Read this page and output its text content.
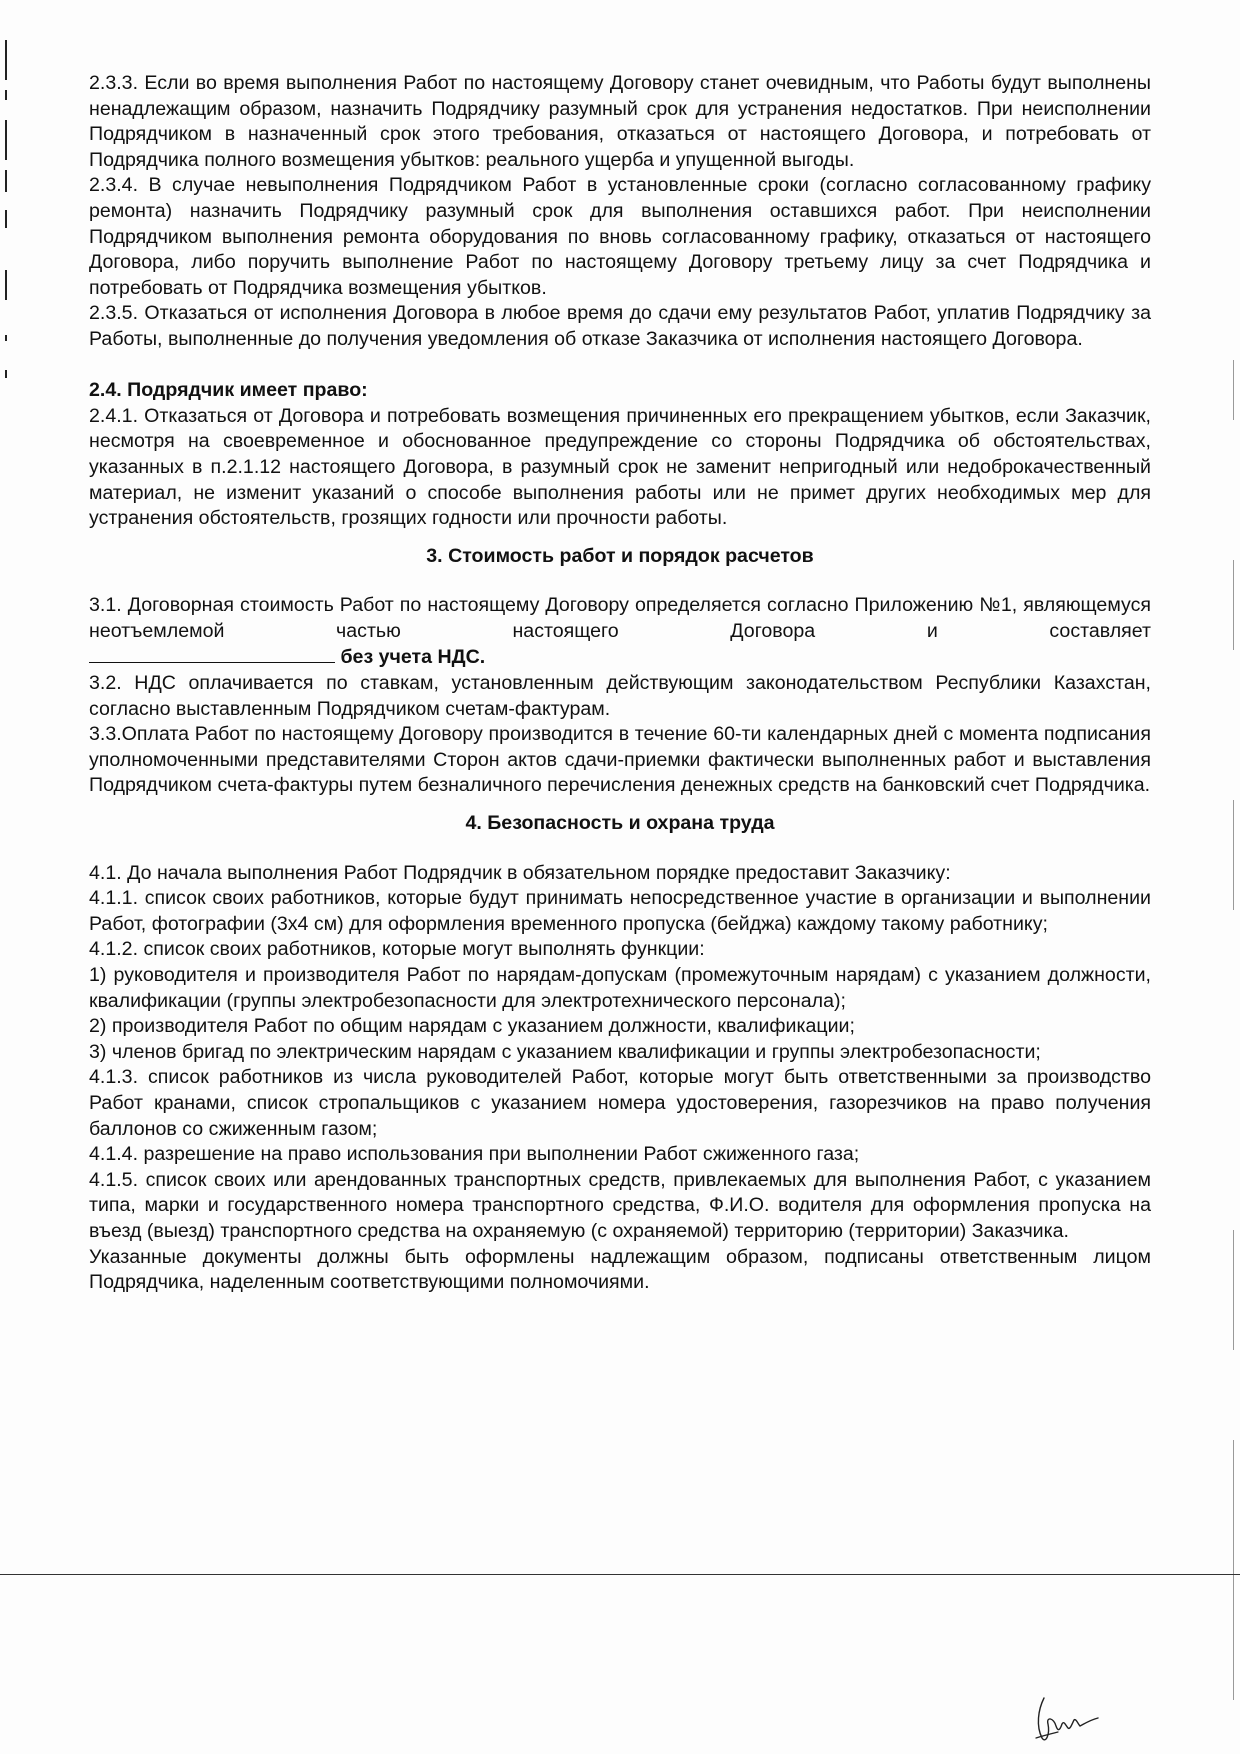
2.3.3. Если во время выполнения Работ по настоящему Договору станет очевидным, что Работы будут выполнены ненадлежащим образом, назначить Подрядчику разумный срок для устранения недостатков. При неисполнении Подрядчиком в назначенный срок этого требования, отказаться от настоящего Договора, и потребовать от Подрядчика полного возмещения убытков: реального ущерба и упущенной выгоды.

2.3.4. В случае невыполнения Подрядчиком Работ в установленные сроки (согласно согласованному графику ремонта) назначить Подрядчику разумный срок для выполнения оставшихся работ. При неисполнении Подрядчиком выполнения ремонта оборудования по вновь согласованному графику, отказаться от настоящего Договора, либо поручить выполнение Работ по настоящему Договору третьему лицу за счет Подрядчика и потребовать от Подрядчика возмещения убытков.

2.3.5. Отказаться от исполнения Договора в любое время до сдачи ему результатов Работ, уплатив Подрядчику за Работы, выполненные до получения уведомления об отказе Заказчика от исполнения настоящего Договора.

2.4. Подрядчик имеет право:

2.4.1. Отказаться от Договора и потребовать возмещения причиненных его прекращением убытков, если Заказчик, несмотря на своевременное и обоснованное предупреждение со стороны Подрядчика об обстоятельствах, указанных в п.2.1.12 настоящего Договора, в разумный срок не заменит непригодный или недоброкачественный материал, не изменит указаний о способе выполнения работы или не примет других необходимых мер для устранения обстоятельств, грозящих годности или прочности работы.

3. Стоимость работ и порядок расчетов

3.1. Договорная стоимость Работ по настоящему Договору определяется согласно Приложению №1, являющемуся неотъемлемой частью настоящего Договора и составляет

без учета НДС.

3.2. НДС оплачивается по ставкам, установленным действующим законодательством Республики Казахстан, согласно выставленным Подрядчиком счетам-фактурам.

3.3.Оплата Работ по настоящему Договору производится в течение 60-ти календарных дней с момента подписания уполномоченными представителями Сторон актов сдачи-приемки фактически выполненных работ и выставления Подрядчиком счета-фактуры путем безналичного перечисления денежных средств на банковский счет Подрядчика.

4. Безопасность и охрана труда

4.1. До начала выполнения Работ Подрядчик в обязательном порядке предоставит Заказчику:

4.1.1. список своих работников, которые будут принимать непосредственное участие в организации и выполнении Работ, фотографии (3х4 см) для оформления временного пропуска (бейджа) каждому такому работнику;

4.1.2. список своих работников, которые могут выполнять функции:

1) руководителя и производителя Работ по нарядам-допускам (промежуточным нарядам) с указанием должности, квалификации (группы электробезопасности для электротехнического персонала);

2) производителя Работ по общим нарядам с указанием должности, квалификации;

3) членов бригад по электрическим нарядам с указанием квалификации и группы электробезопасности;

4.1.3. список работников из числа руководителей Работ, которые могут быть ответственными за производство Работ кранами, список стропальщиков с указанием номера удостоверения, газорезчиков на право получения баллонов со сжиженным газом;

4.1.4. разрешение на право использования при выполнении Работ сжиженного газа;

4.1.5. список своих или арендованных транспортных средств, привлекаемых для выполнения Работ, с указанием типа, марки и государственного номера транспортного средства, Ф.И.О. водителя для оформления пропуска на въезд (выезд) транспортного средства на охраняемую (с охраняемой) территорию (территории) Заказчика.

Указанные документы должны быть оформлены надлежащим образом, подписаны ответственным лицом Подрядчика, наделенным соответствующими полномочиями.
